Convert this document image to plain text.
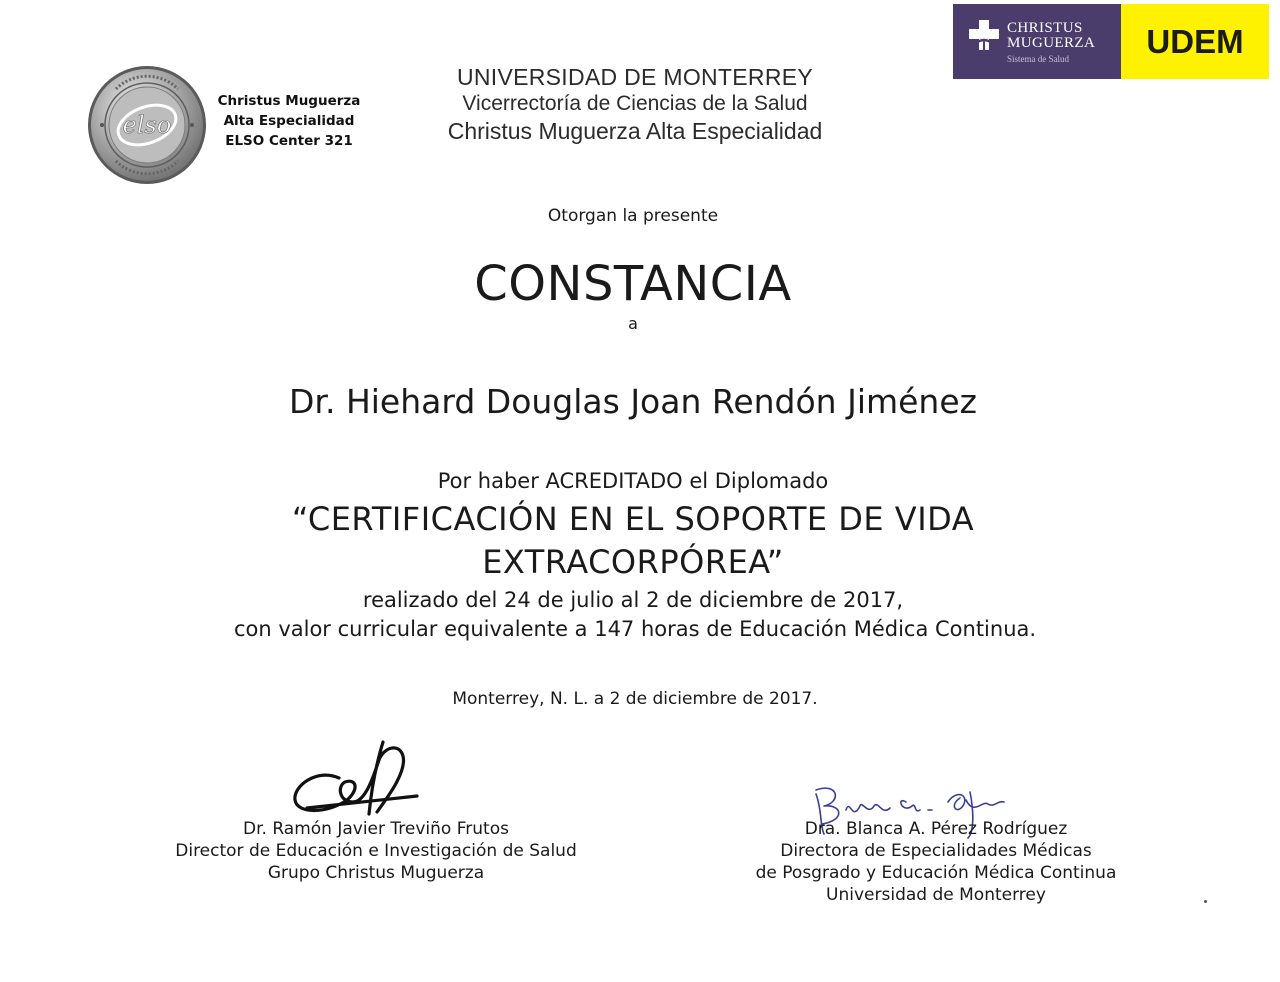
elso
Christus Muguerza
Alta Especialidad
ELSO Center 321
UNIVERSIDAD DE MONTERREY
Vicerrectoría de Ciencias de la Salud
Christus Muguerza Alta Especialidad
CHRISTUS
MUGUERZA
Sistema de Salud	UDEM
Otorgan la presente
CONSTANCIA
a
Dr. Hiehard Douglas Joan Rendón Jiménez
Por haber ACREDITADO el Diplomado
“CERTIFICACIÓN EN EL SOPORTE DE VIDA
EXTRACORPÓREA”
realizado del 24 de julio al 2 de diciembre de 2017,
con valor curricular equivalente a 147 horas de Educación Médica Continua.
Monterrey, N. L. a 2 de diciembre de 2017.
Dr. Ramón Javier Treviño Frutos
Director de Educación e Investigación de Salud
Grupo Christus Muguerza
Dra. Blanca A. Pérez Rodríguez
Directora de Especialidades Médicas
de Posgrado y Educación Médica Continua
Universidad de Monterrey
